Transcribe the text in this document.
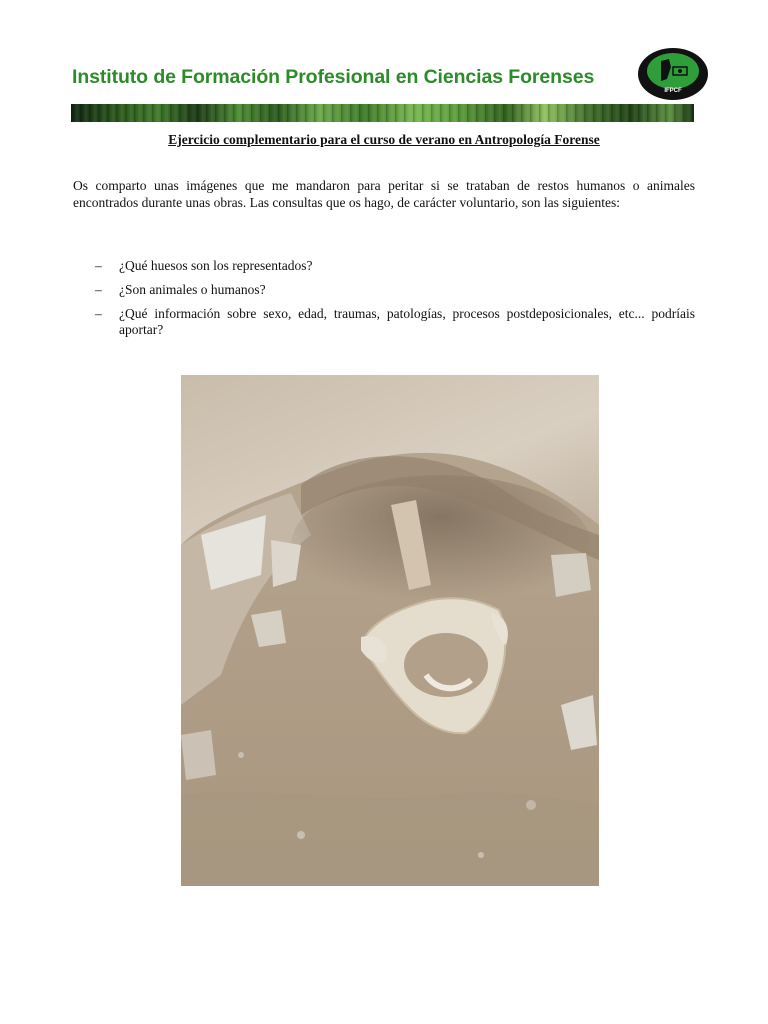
Instituto de Formación Profesional en Ciencias Forenses
IFPCF
Ejercicio complementario para el curso de verano en Antropología Forense

Os comparto unas imágenes que me mandaron para peritar si se trataban de restos humanos o animales encontrados durante unas obras. Las consultas que os hago, de carácter voluntario, son las siguientes:

– ¿Qué huesos son los representados?
– ¿Son animales o humanos?
– ¿Qué información sobre sexo, edad, traumas, patologías, procesos postdeposicionales, etc... podríais aportar?
